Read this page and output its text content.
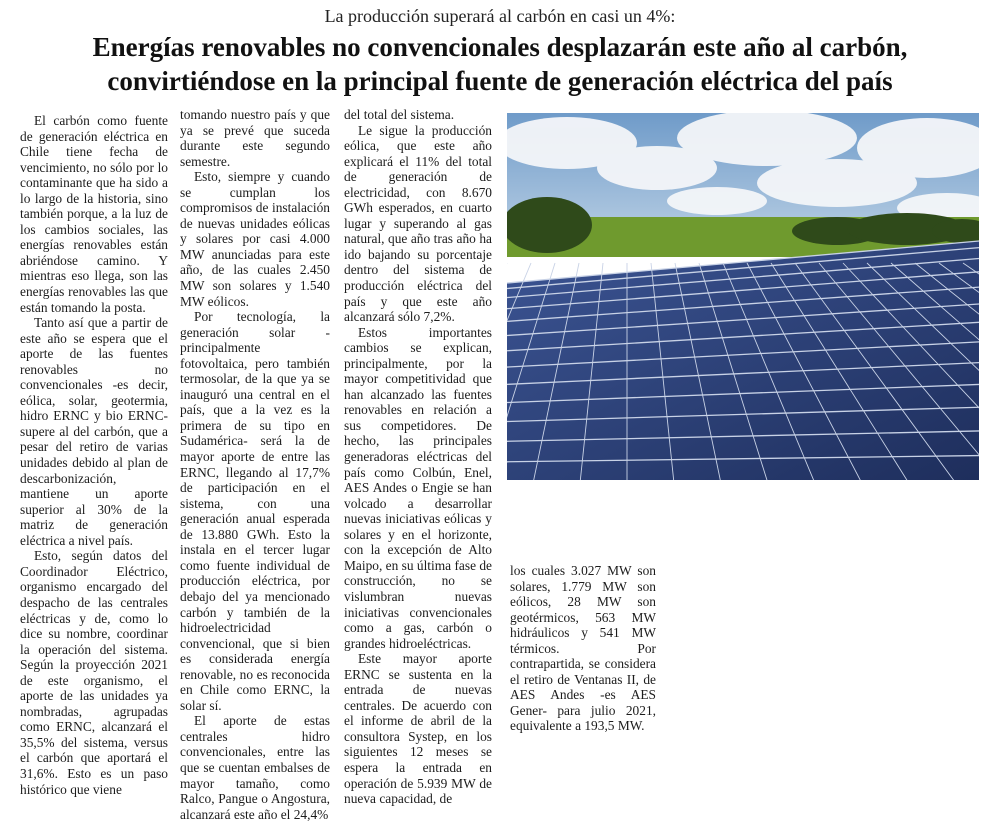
La producción superará al carbón en casi un 4%:
Energías renovables no convencionales desplazarán este año al carbón,
convirtiéndose en la principal fuente de generación eléctrica del país

El carbón como fuente de generación eléctrica en Chile tiene fecha de vencimiento, no sólo por lo contaminante que ha sido a lo largo de la historia, sino también porque, a la luz de los cambios sociales, las energías renovables están abriéndose camino. Y mientras eso llega, son las energías renovables las que están tomando la posta.

Tanto así que a partir de este año se espera que el aporte de las fuentes renovables no convencionales -es decir, eólica, solar, geotermia, hidro ERNC y bio ERNC- supere al del carbón, que a pesar del retiro de varias unidades debido al plan de descarbonización, mantiene un aporte superior al 30% de la matriz de generación eléctrica a nivel país.

Esto, según datos del Coordinador Eléctrico, organismo encargado del despacho de las centrales eléctricas y de, como lo dice su nombre, coordinar la operación del sistema. Según la proyección 2021 de este organismo, el aporte de las unidades ya nombradas, agrupadas como ERNC, alcanzará el 35,5% del sistema, versus el carbón que aportará el 31,6%. Esto es un paso histórico que viene

tomando nuestro país y que ya se prevé que suceda durante este segundo semestre.

Esto, siempre y cuando se cumplan los compromisos de instalación de nuevas unidades eólicas y solares por casi 4.000 MW anunciadas para este año, de las cuales 2.450 MW son solares y 1.540 MW eólicos.

Por tecnología, la generación solar -principalmente fotovoltaica, pero también termosolar, de la que ya se inauguró una central en el país, que a la vez es la primera de su tipo en Sudamérica- será la de mayor aporte de entre las ERNC, llegando al 17,7% de participación en el sistema, con una generación anual esperada de 13.880 GWh. Esto la instala en el tercer lugar como fuente individual de producción eléctrica, por debajo del ya mencionado carbón y también de la hidroelectricidad convencional, que si bien es considerada energía renovable, no es reconocida en Chile como ERNC, la solar sí.

El aporte de estas centrales hidro convencionales, entre las que se cuentan embalses de mayor tamaño, como Ralco, Pangue o Angostura, alcanzará este año el 24,4%

del total del sistema.

Le sigue la producción eólica, que este año explicará el 11% del total de generación de electricidad, con 8.670 GWh esperados, en cuarto lugar y superando al gas natural, que año tras año ha ido bajando su porcentaje dentro del sistema de producción eléctrica del país y que este año alcanzará sólo 7,2%.

Estos importantes cambios se explican, principalmente, por la mayor competitividad que han alcanzado las fuentes renovables en relación a sus competidores. De hecho, las principales generadoras eléctricas del país como Colbún, Enel, AES Andes o Engie se han volcado a desarrollar nuevas iniciativas eólicas y solares y en el horizonte, con la excepción de Alto Maipo, en su última fase de construcción, no se vislumbran nuevas iniciativas convencionales como a gas, carbón o grandes hidroeléctricas.

Este mayor aporte ERNC se sustenta en la entrada de nuevas centrales. De acuerdo con el informe de abril de la consultora Systep, en los siguientes 12 meses se espera la entrada en operación de 5.939 MW de nueva capacidad, de

los cuales 3.027 MW son solares, 1.779 MW son eólicos, 28 MW son geotérmicos, 563 MW hidráulicos y 541 MW térmicos. Por contrapartida, se considera el retiro de Ventanas II, de AES Andes -es AES Gener- para julio 2021, equivalente a 193,5 MW.
